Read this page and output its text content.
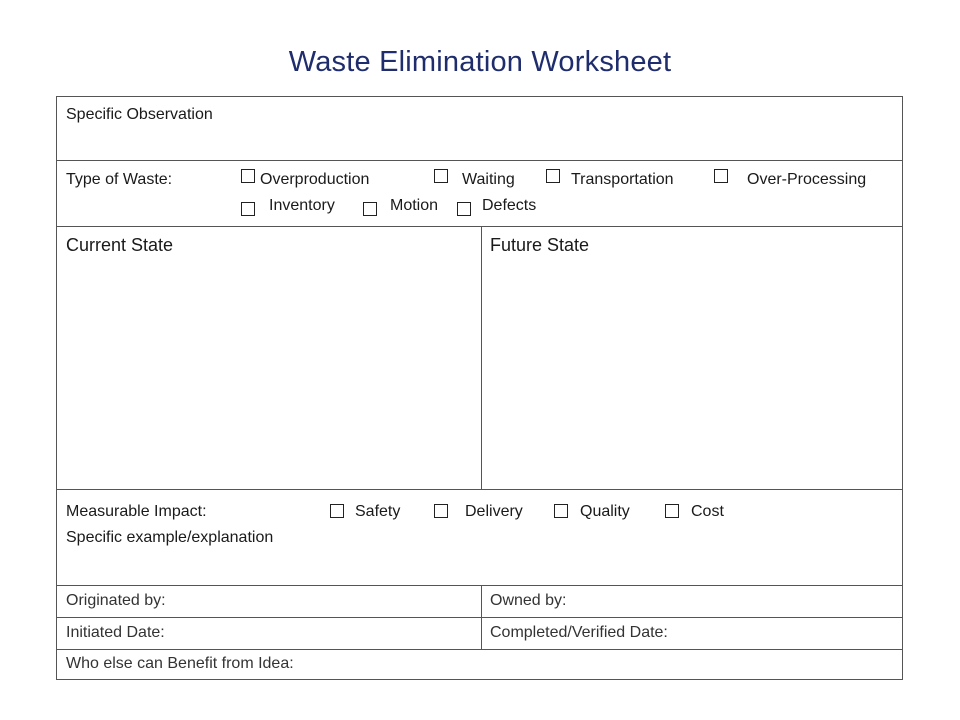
Waste Elimination Worksheet
Specific Observation
Type of Waste:	Overproduction	Waiting	Transportation	Over-Processing
Inventory	Motion	Defects
Current State	Future State
Measurable Impact:	Safety	Delivery	Quality	Cost
Specific example/explanation
Originated by:	Owned by:
Initiated Date:	Completed/Verified Date:
Who else can Benefit from Idea:
